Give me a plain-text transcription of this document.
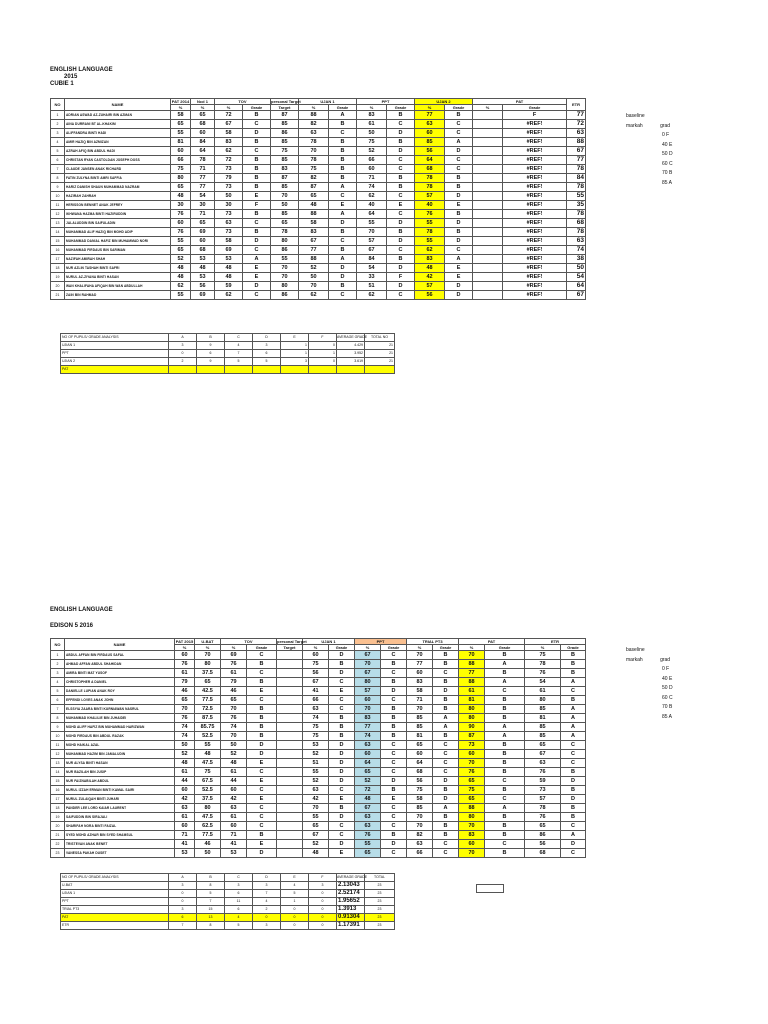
ENGLISH LANGUAGE
2015
CUBIE 1
NO	NAME	PAT 2014	Ncd 1	TOV		personal Target	UJAN 1		PPT		UJAN 2		PAT		ETR
		%	%	%	Grade	Target	%	Grade	%	Grade	%	Grade	%	Grade	
1	ADRIAN ASWAD AZ-ZUHAIRI BIN AZMAN	58	65	72	B	87	88	A	83	B	77	B		F	77
2	AINA DURRANI BT AL-KHAKIM	65	68	67	C	85	82	B	61	C	63	C		#REF!	72
3	ALIFFANDRA BINTI HADI	55	60	58	D	86	63	C	50	D	60	C		#REF!	63
4	AMIR HAZIQ BIN AZMIZAN	81	84	83	B	85	78	B	75	B	85	A		#REF!	88
5	AZRAH AFIQ BIN ABDUL HADI	60	64	62	C	75	70	B	52	D	56	D		#REF!	67
6	CHRISTAN RYAN CASTOLDAN JOSEPH DOSS	66	78	72	B	85	78	B	66	C	64	C		#REF!	77
7	CLAUDE JANSEN ANAK RICHARD	75	71	73	B	83	75	B	60	C	68	C		#REF!	78
8	FATIN ZULYNA BINTI AMRI SAFFIA	80	77	79	B	87	82	B	71	B	78	B		#REF!	84
9	HARIZ DANISH SHAUN MUHAMMAD NAZRAM	65	77	73	B	85	87	A	74	B	78	B		#REF!	78
10	HAZIRAH ZAHRAH	48	54	50	E	70	65	C	62	C	57	D		#REF!	55
11	HERISSON BENNET ANAK JEFREY	30	30	30	F	50	48	E	40	E	40	E		#REF!	35
12	IKHWANA HAZMA BINTI HAZIRUDDIN	76	71	73	B	85	88	A	64	C	76	B		#REF!	78
13	JALALUDDIN BIN SAIFULADIN	60	65	63	C	65	58	D	55	D	55	D		#REF!	68
14	MUHAMMAD ALIF HAZIQ BIN MOHD ADIP	76	69	73	B	78	83	B	70	B	78	B		#REF!	78
15	MUHAMMAD DANIAL HAFIZ BIN MUHAMMAD NORI	55	60	58	D	80	67	C	57	D	55	D		#REF!	63
16	MUHAMMAD FIRDAUS BIN SARIMAN	65	68	69	C	86	77	B	67	C	62	C		#REF!	74
17	NAZIFAH AMIRAH SHAH	52	53	53	A	55	88	A	84	B	83	A		#REF!	38
18	NUR AZLIN TASHAH BINTI SAFRI	48	48	48	E	70	52	D	54	D	48	E		#REF!	50
19	NURUL AZ-ZIYANA BINTI HASAN	48	53	48	E	70	50	D	33	F	42	E		#REF!	54
20	WAN KHALIFAHA AFIQAH BIN WAN ABDULLAH	62	56	59	D	80	70	B	51	D	57	D		#REF!	64
21	ZAIN BIN RAHMAD	55	69	62	C	86	62	C	62	C	56	D		#REF!	67
baseline
markah	grad
0 F
40 E
50 D
60 C
70 B
85 A
NO OF PUPILS/ GRADE ANALYSIS	A	B	C	D	E	F	AVERAGE GRADE	TOTAL NO
UJIAN 1	3	9	4	3	1	0	4.429	21
PPT	0	6	7	6	1	1	3.952	21
UJIAN 2	2	9	5	5	3	0	3.619	21
PAT								
ENGLISH LANGUAGE
EDISON 5 2016
NO	NAME	PAT 2015	U-BAT	TOV		personal Target	UJAN 1		PPT		TRIAL PT3		PAT		ETR	
		%	%	%	Grade	Target	%	Grade	%	Grade	%	Grade	%	Grade	%	Grade
1	ABDUL AFFAN BIN FIRDAUS SAFAL	60	70	69	C		60	D	67	C	70	B	70	B	75	B
2	AHMAD AFFAN ABDUL SHAHIDAN	76	80	76	B		75	B	70	B	77	B	88	A	78	B
3	AMIRA BINTI MAT YUSOF	61	37.5	61	C		56	D	67	C	60	C	77	B	76	B
4	CHRISTOPHER A DANIEL	79	65	79	B		67	C	80	B	83	B	88	A	54	A
5	DANIELLE LUPIAN ANAK ROY	46	42.5	46	E		41	E	57	D	58	D	61	C	61	C
6	EFFENDI LOVES ANAK JOHN	65	77.5	65	C		66	C	60	C	71	B	81	B	80	B
7	ELSSYIA ZAARA BINTI KURNIAWAN NASRUL	70	72.5	70	B		63	C	70	B	70	B	80	B	85	A
8	MUHAMMAD KHALILIE BIN JUHAIDEI	76	87.5	76	B		74	B	83	B	85	A	80	B	81	A
9	MOHD ALIFF HAFIZ BIN MUHAMMAD HARIZWAN	74	85.75	74	B		75	B	77	B	85	A	90	A	85	A
10	MOHD FIRDAUS BIN ABDUL RAZAK	74	52.5	70	B		75	B	74	B	81	B	87	A	85	A
11	MOHD HAIKAL AZAL	50	55	50	D		53	D	63	C	65	C	73	B	65	C
12	MUHAMMAD HAZIM BIN JAMALUDIN	52	48	52	D		52	D	60	C	60	C	60	B	67	C
13	NUR ALYSA BINTI HASAN	48	47.5	48	E		51	D	64	C	64	C	70	B	63	C
14	NUR BAZILAH BIN JUSIP	61	75	61	C		55	D	65	C	68	C	76	B	76	B
15	NUR FAIZNABILAH ABDUL	44	67.5	44	E		52	D	52	D	56	D	65	C	59	D
16	NURUL IZZAH ERMAN BINTI KAMAL SAIRI	60	52.5	60	C		63	C	72	B	75	B	75	B	73	B
17	NURUL ZULAIQAH BINTI JUHARI	42	37.5	42	E		42	E	48	E	58	D	65	C	57	D
18	PANDER LEE LORD KAIAR LAURENT	63	80	63	C		70	B	67	C	85	A	88	A	78	B
19	SAIFUDDIN BIN SIRAJALI	61	47.5	61	C		55	D	63	C	70	B	80	B	76	B
20	SHARIFAH NORA BINTI FAIZAL	60	62.5	60	C		65	C	63	C	70	B	70	B	65	C
21	SYED MOHD AZHAR BIN SYED SHAMSUL	71	77.5	71	B		67	C	76	B	82	B	83	B	86	A
22	TRISTEVAN ANAK BENET	41	46	41	E		52	D	55	D	63	C	60	C	56	D
23	VANESSA PAKAH DUSET	53	50	53	D		48	E	65	C	66	C	70	B	68	C
baseline
markah	grad
0 F
40 E
50 D
60 C
70 B
85 A
NO OF PUPILS/ GRADE ANALYSIS	A	B	C	D	E	F	AVERAGE GRADE	TOTAL
U-BAT	3	8	3	3	4	3	2.13043	23
UJIAN 1	0	5	6	7	5	0	2.52174	23
PPT	0	7	11	4	1	0	1.95652	23
TRIAL PT3	3	15	6	2	0	0	1.3913	23
PAT	6	13	4	0	0	0	0.91304	23
ETR	7	8	5	3	0	0	1.17391	23
